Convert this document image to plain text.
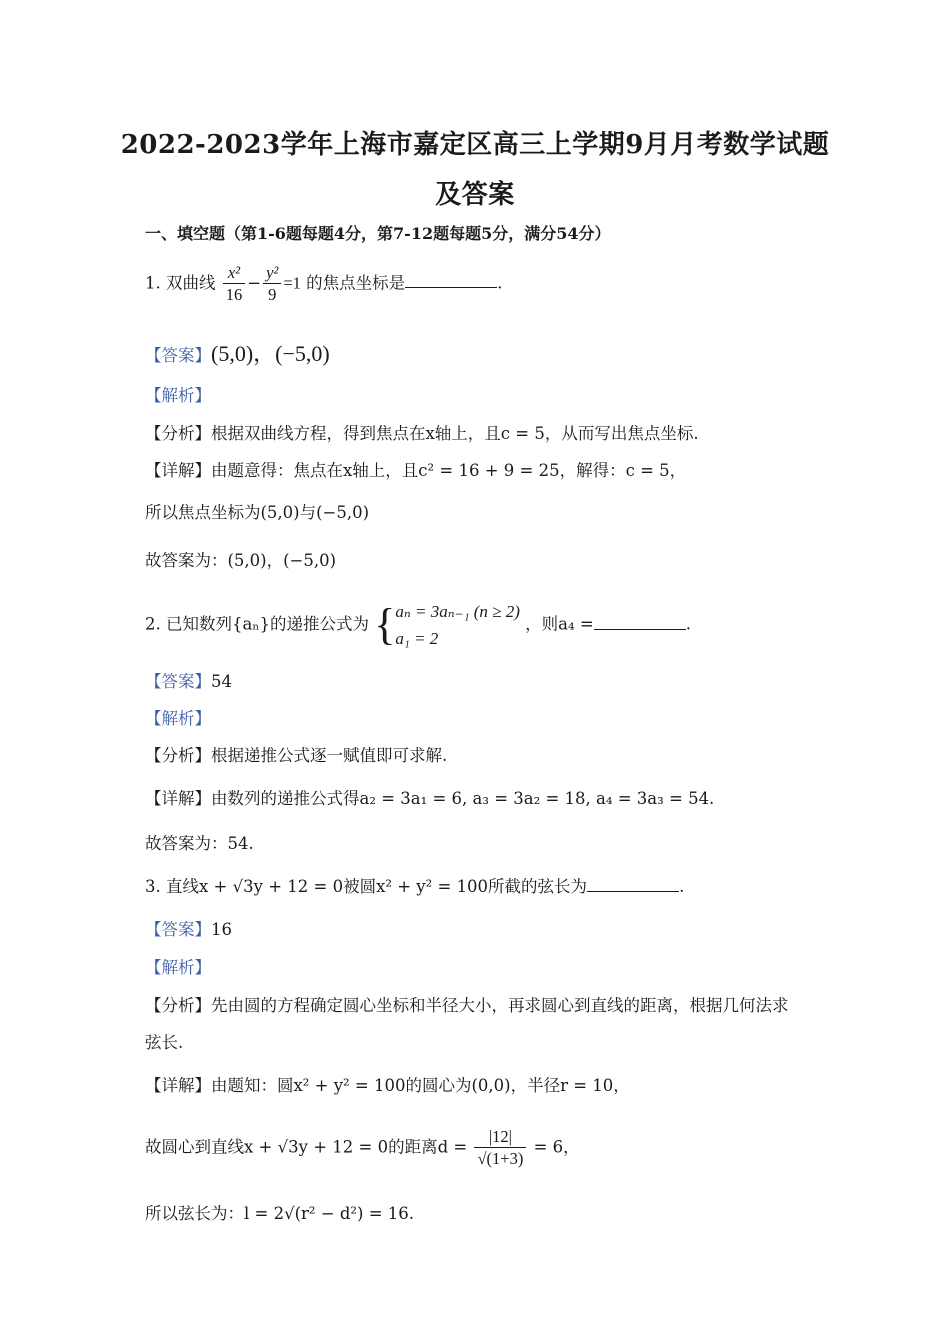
2022-2023学年上海市嘉定区高三上学期9月月考数学试题
及答案
一、填空题（第1-6题每题4分，第7-12题每题5分，满分54分）
1. 双曲线 $\frac{\text{x²}}{16} - \frac{\text{y²}}{9} =1$ 的焦点坐标是	.
【答案】(5,0)，(−5,0)
【解析】
【分析】根据双曲线方程，得到焦点在x轴上，且c = 5，从而写出焦点坐标.
【详解】由题意得：焦点在x轴上，且c² = 16 + 9 = 25，解得：c = 5，
所以焦点坐标为(5,0)与(−5,0)
故答案为：(5,0)，(−5,0)
2. 已知数列{aₙ}的递推公式为 { aₙ = 3aₙ₋₁ (n ≥ 2)
a₁ = 2
，则a₄ =	.
【答案】54
【解析】
【分析】根据递推公式逐一赋值即可求解.
【详解】由数列的递推公式得a₂ = 3a₁ = 6, a₃ = 3a₂ = 18, a₄ = 3a₃ = 54.
故答案为：54.
3. 直线x + √3y + 12 = 0被圆x² + y² = 100所截的弦长为	.
【答案】16
【解析】
【分析】先由圆的方程确定圆心坐标和半径大小，再求圆心到直线的距离，根据几何法求
弦长.
【详解】由题知：圆x² + y² = 100的圆心为(0,0)，半径r = 10，
故圆心到直线x + √3y + 12 = 0的距离$d = \frac{|12|}{√(1+3)} = 6$，
所以弦长为：l = 2√(r² − d²) = 16.
